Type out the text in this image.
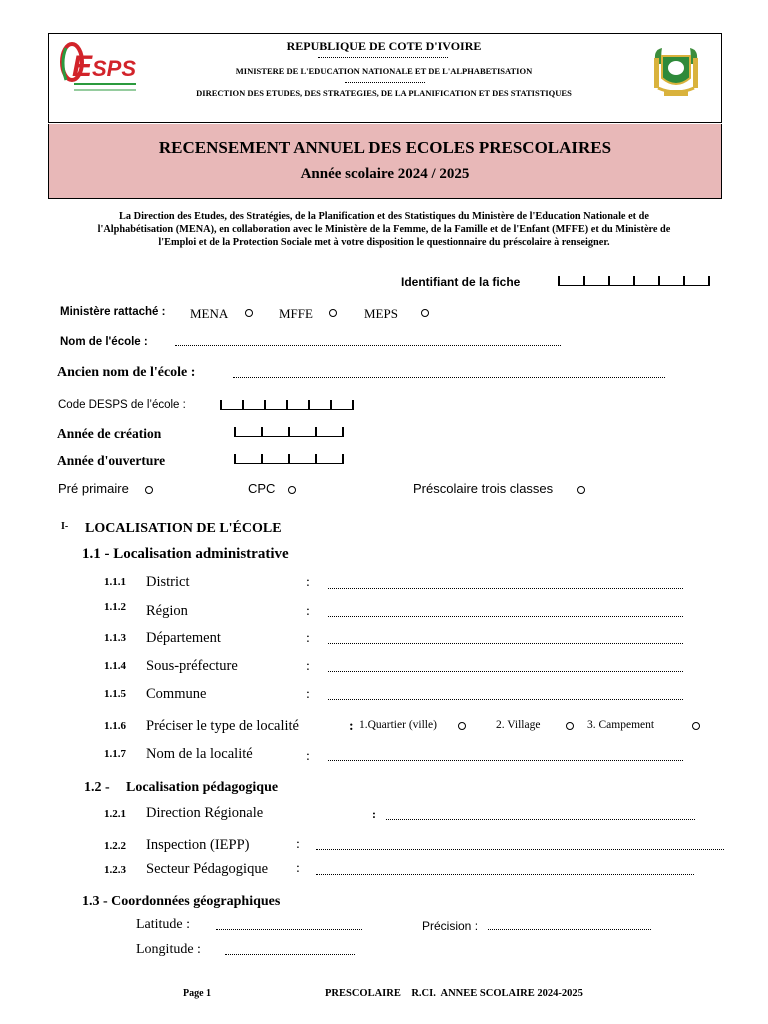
E SPS
REPUBLIQUE DE COTE D'IVOIRE
MINISTERE DE L'EDUCATION NATIONALE ET DE L'ALPHABETISATION
DIRECTION DES ETUDES, DES STRATEGIES, DE LA PLANIFICATION ET DES STATISTIQUES
RECENSEMENT ANNUEL DES ECOLES PRESCOLAIRES
Année scolaire 2024 / 2025
La Direction des Etudes, des Stratégies, de la Planification et des Statistiques du Ministère de l'Education Nationale et de
l'Alphabétisation (MENA), en collaboration avec le Ministère de la Femme, de la Famille et de l'Enfant (MFFE) et du Ministère de
l'Emploi et de la Protection Sociale met à votre disposition le questionnaire du préscolaire à renseigner.
Identifiant de la fiche
Ministère rattaché : MENA	MFFE	MEPS
Nom de l'école :
Ancien nom de l'école :
Code DESPS de l’école :
Année de création
Année d'ouverture
Pré primaire	CPC	Préscolaire trois classes
I- LOCALISATION DE L'ÉCOLE
1.1 - Localisation administrative
1.1.1 District	:
1.1.2 Région	:
1.1.3 Département	:
1.1.4 Sous-préfecture	:
1.1.5 Commune	:
1.1.6 Préciser le type de localité	: 1.Quartier (ville)	2. Village	3. Campement
1.1.7 Nom de la localité	:
1.2 - Localisation pédagogique
1.2.1 Direction Régionale	:
1.2.2 Inspection (IEPP)	:
1.2.3 Secteur Pédagogique :
1.3 - Coordonnées géographiques
Latitude :	Précision :
Longitude :
Page 1	PRESCOLAIRE    R.CI.  ANNEE SCOLAIRE 2024-2025
